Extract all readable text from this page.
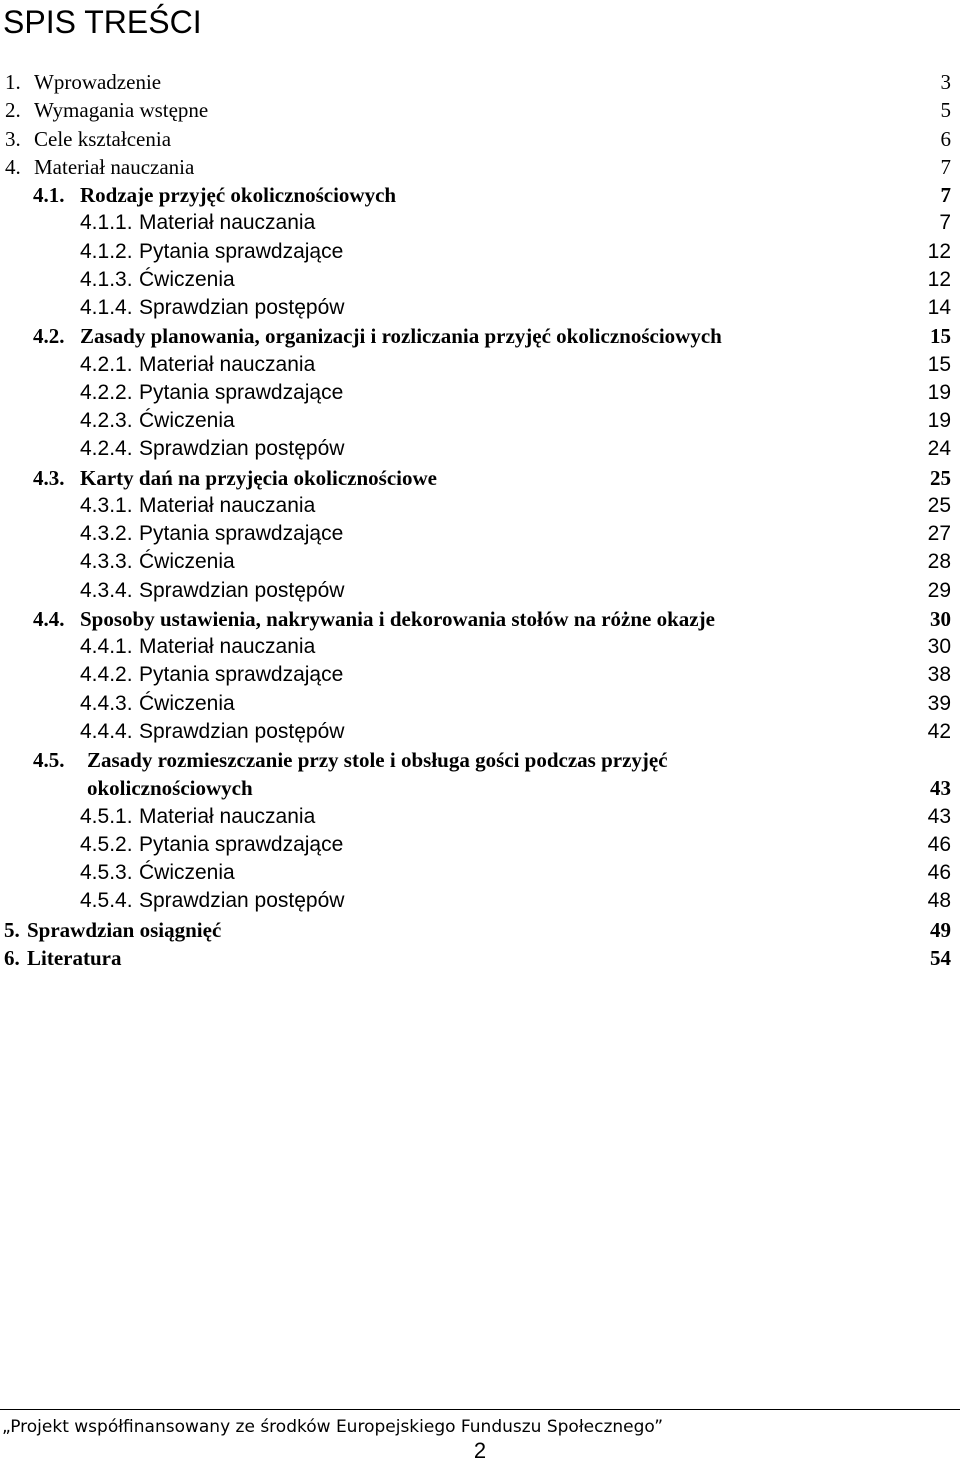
SPIS TREŚCI
1. Wprowadzenie	3
2. Wymagania wstępne	5
3. Cele kształcenia	6
4. Materiał nauczania	7
4.1. Rodzaje przyjęć okolicznościowych	7
4.1.1. Materiał nauczania	7
4.1.2. Pytania sprawdzające	12
4.1.3. Ćwiczenia	12
4.1.4. Sprawdzian postępów	14
4.2. Zasady planowania, organizacji i rozliczania przyjęć okolicznościowych	15
4.2.1. Materiał nauczania	15
4.2.2. Pytania sprawdzające	19
4.2.3. Ćwiczenia	19
4.2.4. Sprawdzian postępów	24
4.3. Karty dań na przyjęcia okolicznościowe	25
4.3.1. Materiał nauczania	25
4.3.2. Pytania sprawdzające	27
4.3.3. Ćwiczenia	28
4.3.4. Sprawdzian postępów	29
4.4. Sposoby ustawienia, nakrywania i dekorowania stołów na różne okazje	30
4.4.1. Materiał nauczania	30
4.4.2. Pytania sprawdzające	38
4.4.3. Ćwiczenia	39
4.4.4. Sprawdzian postępów	42
4.5. Zasady rozmieszczanie przy stole i obsługa gości podczas przyjęć okolicznościowych	43
4.5.1. Materiał nauczania	43
4.5.2. Pytania sprawdzające	46
4.5.3. Ćwiczenia	46
4.5.4. Sprawdzian postępów	48
5. Sprawdzian osiągnięć	49
6. Literatura	54
„Projekt współfinansowany ze środków Europejskiego Funduszu Społecznego”
2
